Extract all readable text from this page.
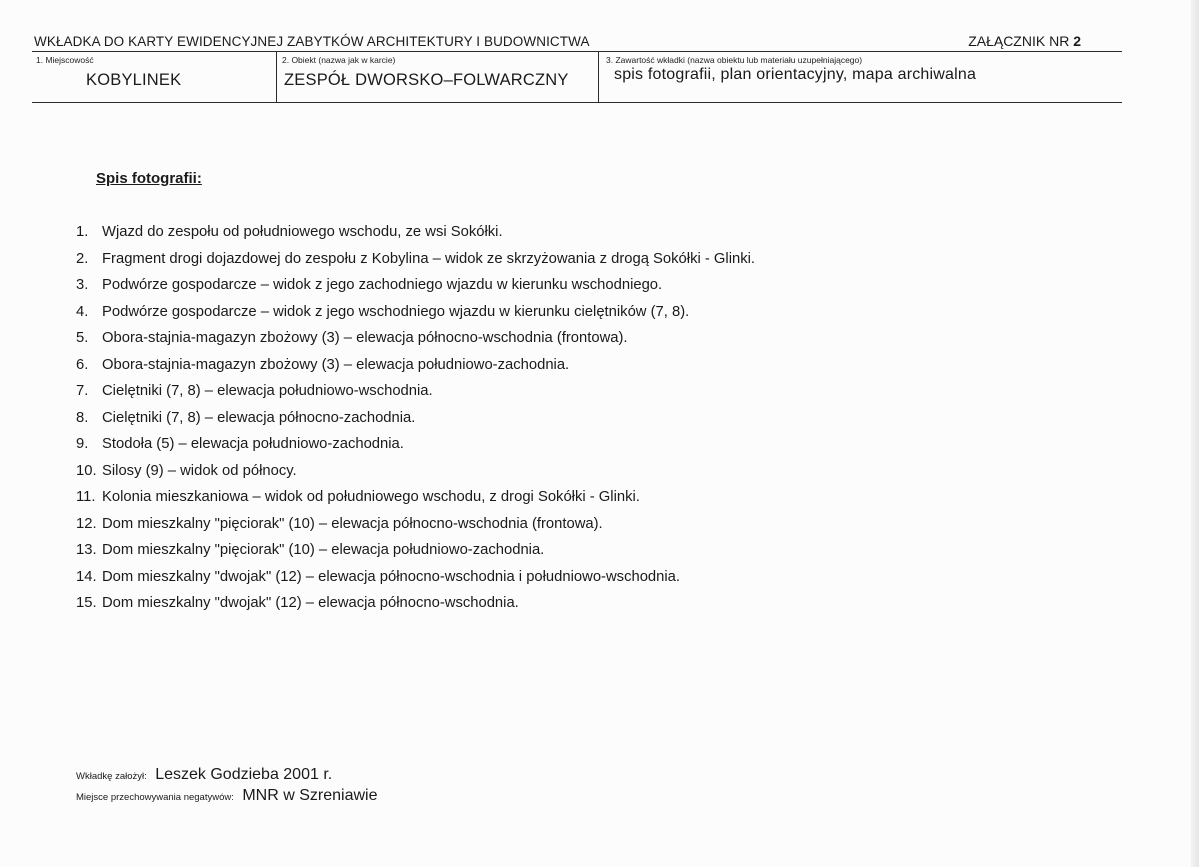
WKŁADKA DO KARTY EWIDENCYJNEJ ZABYTKÓW ARCHITEKTURY I BUDOWNICTWA	ZAŁĄCZNIK NR 2
1. Miejscowość
KOBYLINEK
2. Obiekt (nazwa jak w karcie)
ZESPÓŁ DWORSKO–FOLWARCZNY
3. Zawartość wkładki (nazwa obiektu lub materiału uzupełniającego)
spis fotografii, plan orientacyjny, mapa archiwalna
Spis fotografii:
1. Wjazd do zespołu od południowego wschodu, ze wsi Sokółki.
2. Fragment drogi dojazdowej do zespołu z Kobylina – widok ze skrzyżowania z drogą Sokółki - Glinki.
3. Podwórze gospodarcze – widok z jego zachodniego wjazdu w kierunku wschodniego.
4. Podwórze gospodarcze – widok z jego wschodniego wjazdu w kierunku cielętników (7, 8).
5. Obora-stajnia-magazyn zbożowy (3) – elewacja północno-wschodnia (frontowa).
6. Obora-stajnia-magazyn zbożowy (3) – elewacja południowo-zachodnia.
7. Cielętniki (7, 8) – elewacja południowo-wschodnia.
8. Cielętniki (7, 8) – elewacja północno-zachodnia.
9. Stodoła (5) – elewacja południowo-zachodnia.
10. Silosy (9) – widok od północy.
11. Kolonia mieszkaniowa – widok od południowego wschodu, z drogi Sokółki - Glinki.
12. Dom mieszkalny "pięciorak" (10) – elewacja północno-wschodnia (frontowa).
13. Dom mieszkalny "pięciorak" (10) – elewacja południowo-zachodnia.
14. Dom mieszkalny "dwojak" (12) – elewacja północno-wschodnia i południowo-wschodnia.
15. Dom mieszkalny "dwojak" (12) – elewacja północno-wschodnia.
Wkładkę założył: Leszek Godzieba 2001 r.
Miejsce przechowywania negatywów: MNR w Szreniawie
